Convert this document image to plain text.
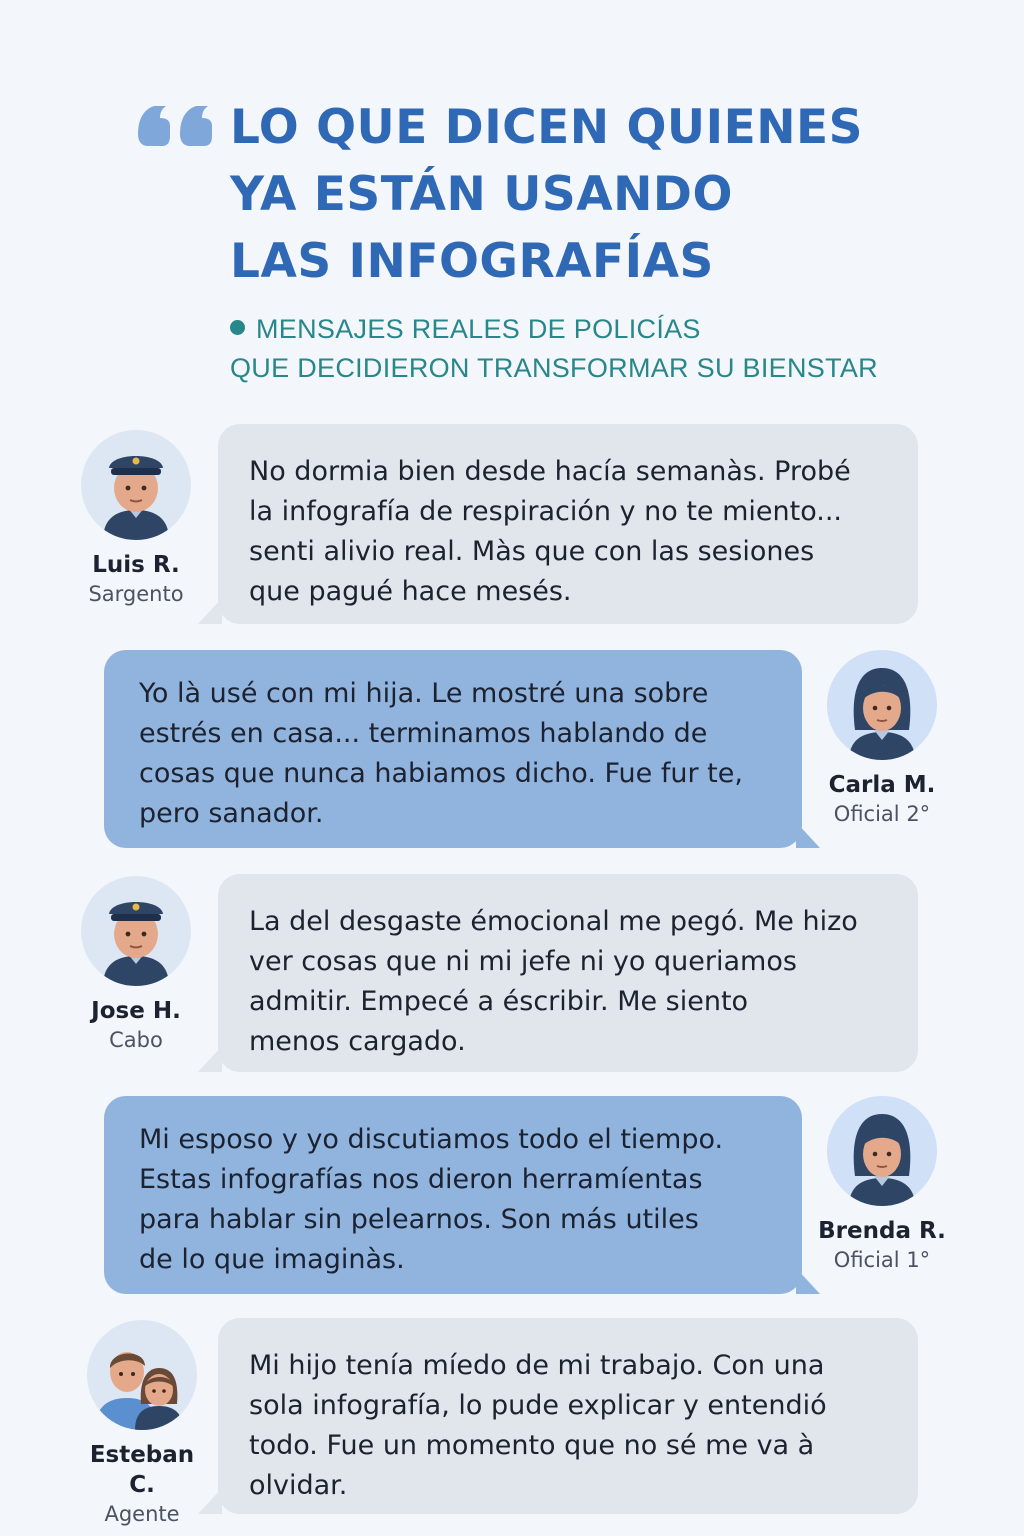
LO QUE DICEN QUIENES
YA ESTÁN USANDO
LAS INFOGRAFÍAS
MENSAJES REALES DE POLICÍAS
QUE DECIDIERON TRANSFORMAR SU BIENSTAR
Luis R.
Sargento
No dormia bien desde hacía semanàs. Probé
la infografía de respiración y no te miento...
senti alivio real. Màs que con las sesiones
que pagué hace mesés.
Yo là usé con mi hija. Le mostré una sobre
estrés en casa... terminamos hablando de
cosas que nunca habiamos dicho. Fue fur te,
pero sanador.
Carla M.
Oficial 2°
Jose H.
Cabo
La del desgaste émocional me pegó. Me hizo
ver cosas que ni mi jefe ni yo queriamos
admitir. Empecé a éscribir. Me siento
menos cargado.
Mi esposo y yo discutiamos todo el tiempo.
Estas infografías nos dieron herramíentas
para hablar sin pelearnos. Son más utiles
de lo que imaginàs.
Brenda R.
Oficial 1°
Esteban C.
Agente
Mi hijo tenía míedo de mi trabajo. Con una
sola infografía, lo pude explicar y entendió
todo. Fue un momento que no sé me va à
olvidar.
